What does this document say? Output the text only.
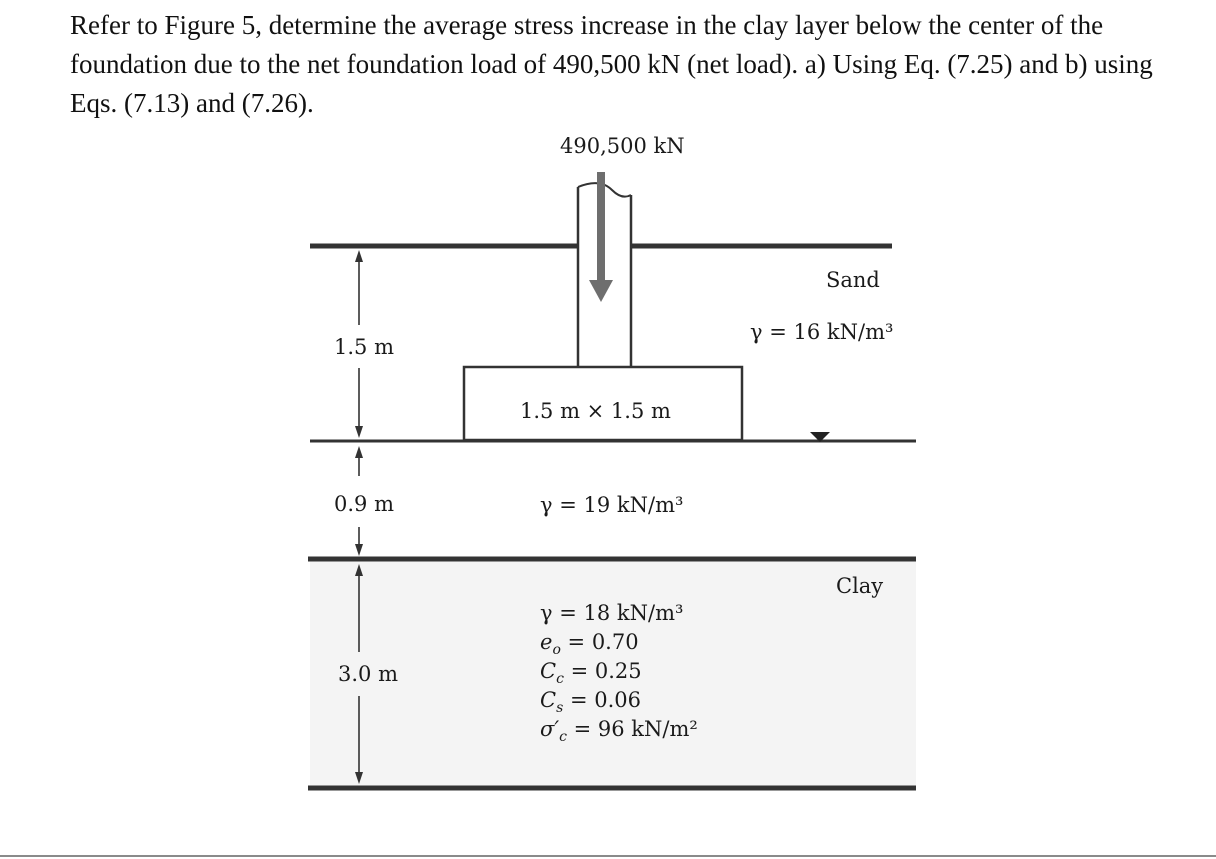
Refer to Figure 5, determine the average stress increase in the clay layer below the center of the foundation due to the net foundation load of 490,500 kN (net load). a) Using Eq. (7.25) and b) using Eqs. (7.13) and (7.26).

490,500 kN
1.5 m × 1.5 m
1.5 m
0.9 m
3.0 m
Sand
γ = 16 kN/m³
γ = 19 kN/m³
Clay
γ = 18 kN/m³
$e_o = 0.70$
$C_c = 0.25$
$C_s = 0.06$
$\sigma'_c = 96$ kN/m²
